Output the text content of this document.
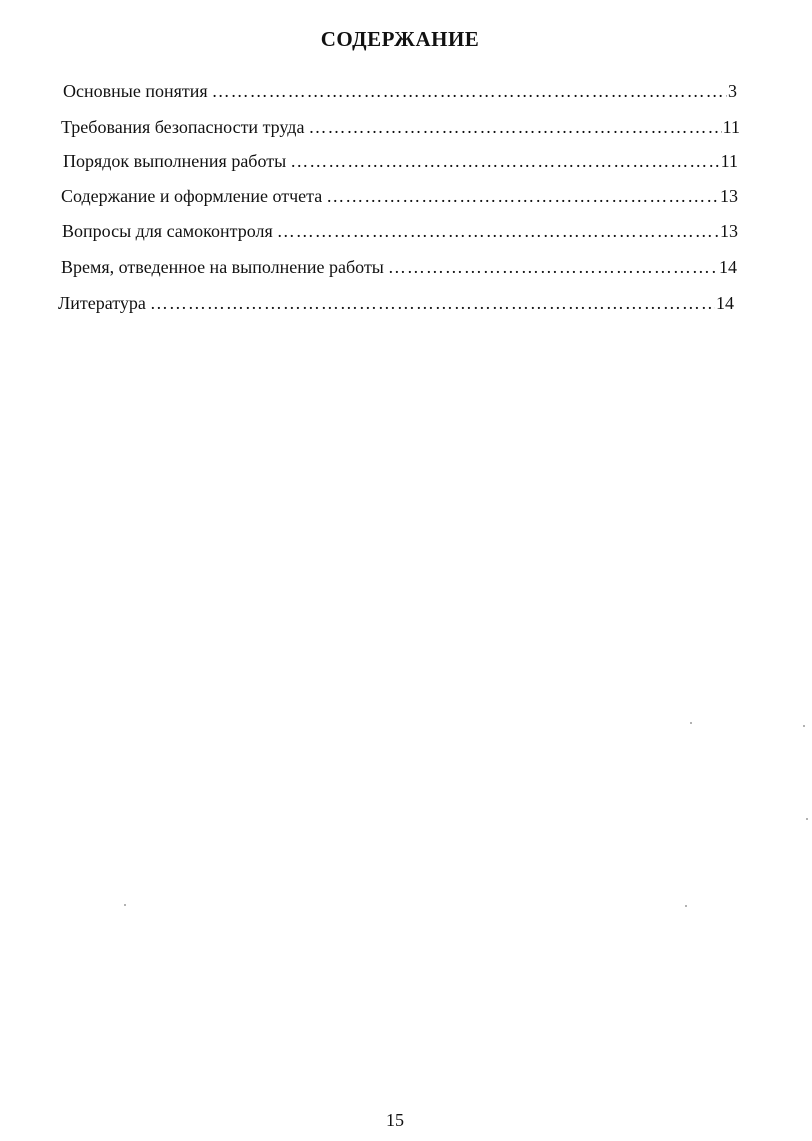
СОДЕРЖАНИЕ
Основные понятия ……………………………………………………………………………………………………………………………………………………	3
Требования безопасности труда ……………………………………………………………………………………………………………………………………………………	11
Порядок выполнения работы ……………………………………………………………………………………………………………………………………………………	11
Содержание и оформление отчета ……………………………………………………………………………………………………………………………………………………	13
Вопросы для самоконтроля ……………………………………………………………………………………………………………………………………………………	13
Время, отведенное на выполнение работы ……………………………………………………………………………………………………………………………………………………	14
Литература ……………………………………………………………………………………………………………………………………………………	14
15
